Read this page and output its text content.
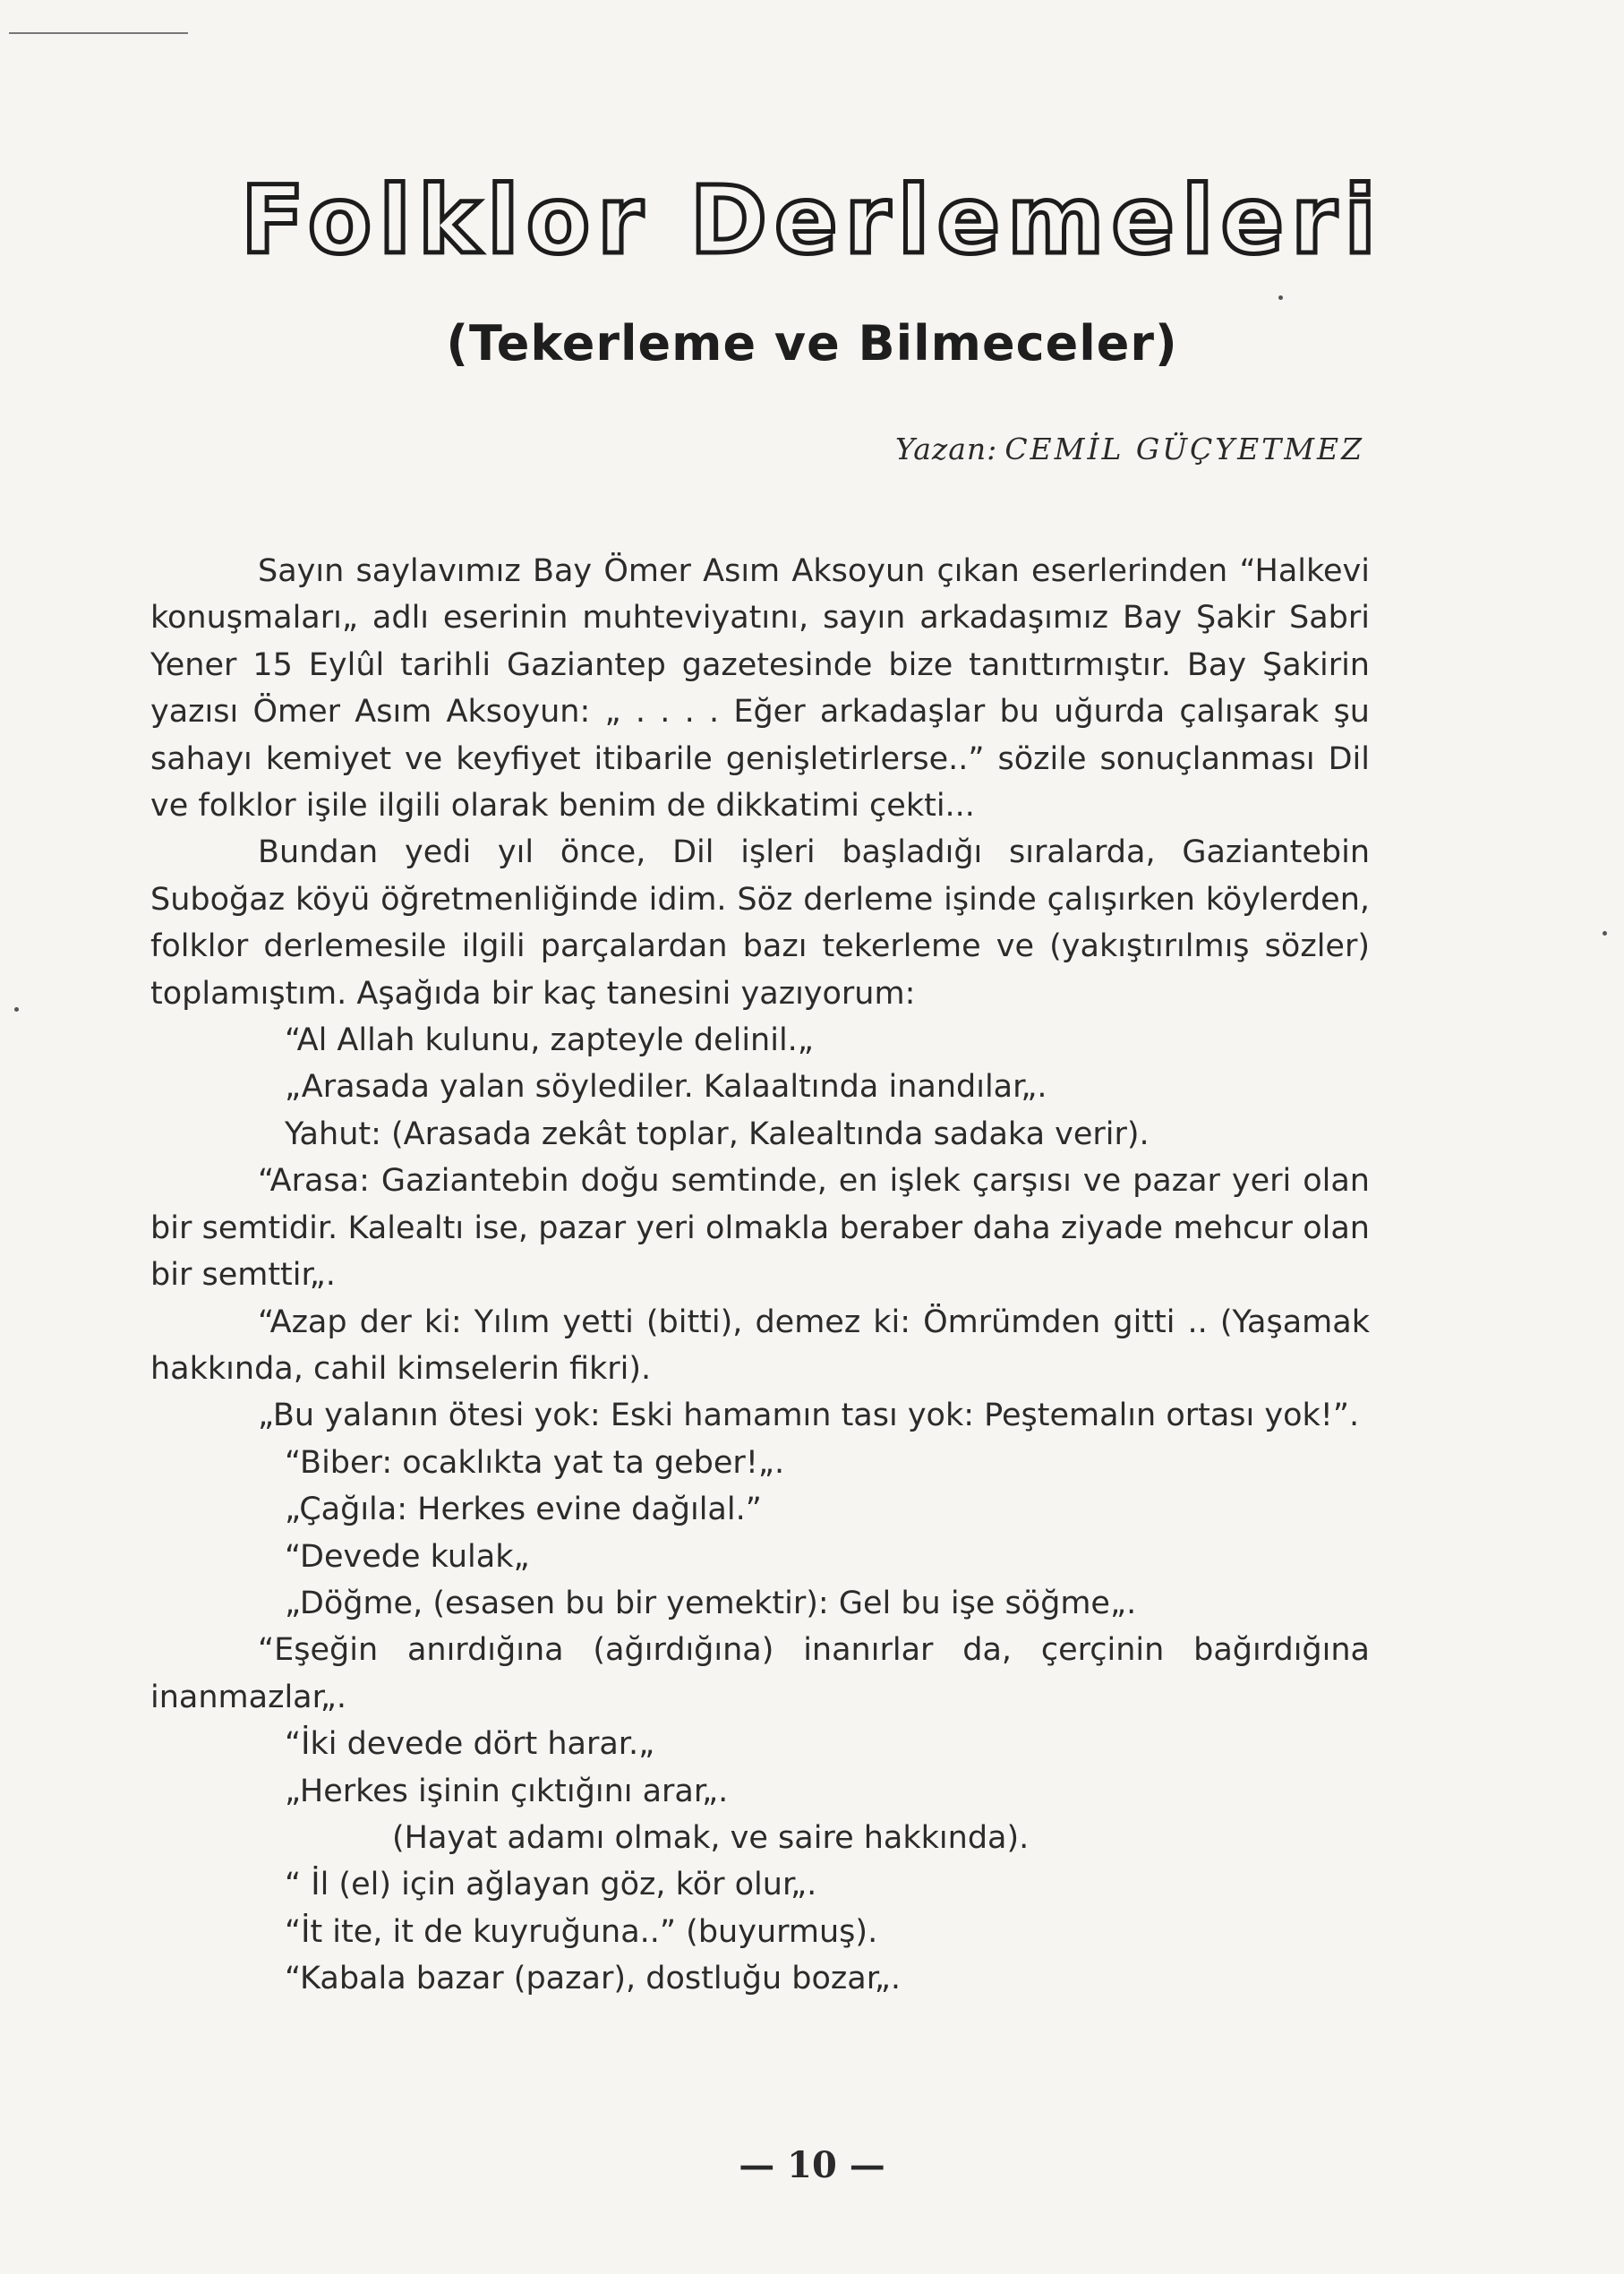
Folklor Derlemeleri
(Tekerleme ve Bilmeceler)
Yazan: CEMİL GÜÇYETMEZ

Sayın saylavımız Bay Ömer Asım Aksoyun çıkan eserlerinden “Halkevi konuşmaları„ adlı eserinin muhteviyatını, sayın arkadaşımız Bay Şakir Sabri Yener 15 Eylûl tarihli Gaziantep gazetesinde bize tanıttırmıştır. Bay Şakirin yazısı Ömer Asım Aksoyun: „ . . . . Eğer arkadaşlar bu uğurda çalışarak şu sahayı kemiyet ve keyfiyet itibarile genişletirlerse..” sözile sonuçlanması Dil ve folklor işile ilgili olarak benim de dikkatimi çekti...

Bundan yedi yıl önce, Dil işleri başladığı sıralarda, Gaziantebin Suboğaz köyü öğretmenliğinde idim. Söz derleme işinde çalışırken köylerden, folklor derlemesile ilgili parçalardan bazı tekerleme ve (yakıştırılmış sözler) toplamıştım. Aşağıda bir kaç tanesini yazıyorum:

“Al Allah kulunu, zapteyle delinil.„

„Arasada yalan söylediler. Kalaaltında inandılar„.

Yahut: (Arasada zekât toplar, Kalealtında sadaka verir).

“Arasa: Gaziantebin doğu semtinde, en işlek çarşısı ve pazar yeri olan bir semtidir. Kalealtı ise, pazar yeri olmakla beraber daha ziyade mehcur olan bir semttir„.

“Azap der ki: Yılım yetti (bitti), demez ki: Ömrümden gitti .. (Yaşamak hakkında, cahil kimselerin fikri).

„Bu yalanın ötesi yok: Eski hamamın tası yok: Peştemalın ortası yok!”.

“Biber: ocaklıkta yat ta geber!„.

„Çağıla: Herkes evine dağılal.”

“Devede kulak„

„Döğme, (esasen bu bir yemektir): Gel bu işe söğme„.

“Eşeğin anırdığına (ağırdığına) inanırlar da, çerçinin bağırdığına inanmazlar„.

“İki devede dört harar.„

„Herkes işinin çıktığını arar„.

(Hayat adamı olmak, ve saire hakkında).

“ İl (el) için ağlayan göz, kör olur„.

“İt ite, it de kuyruğuna..” (buyurmuş).

“Kabala bazar (pazar), dostluğu bozar„.

— 10 —
